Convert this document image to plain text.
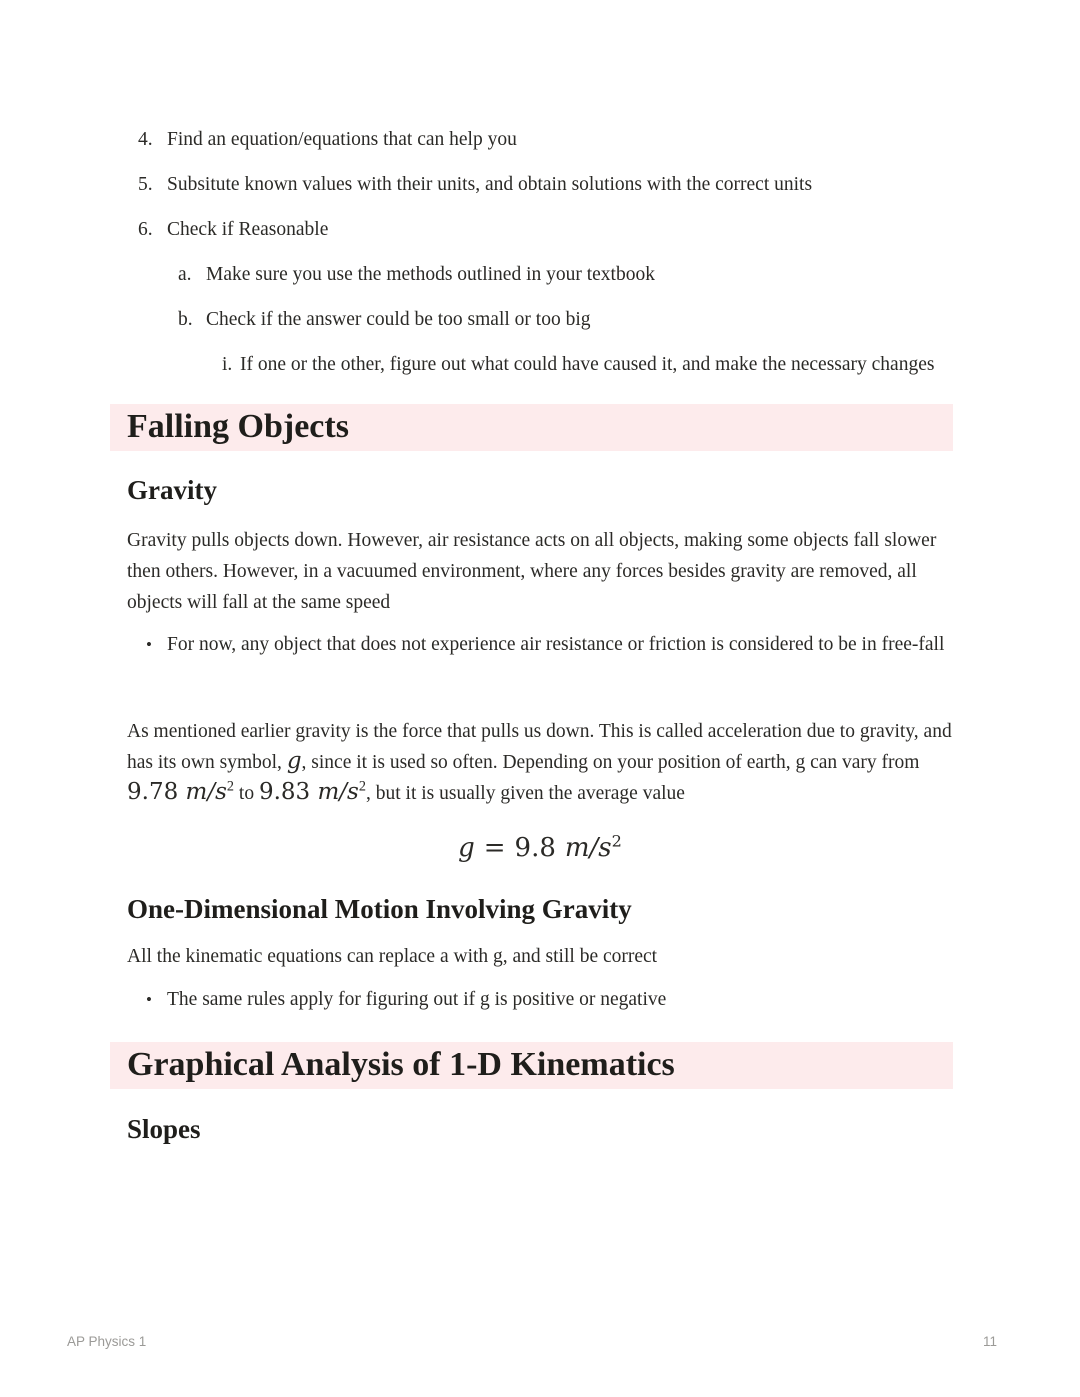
4. Find an equation/equations that can help you
5. Subsitute known values with their units, and obtain solutions with the correct units
6. Check if Reasonable
a. Make sure you use the methods outlined in your textbook
b. Check if the answer could be too small or too big
i. If one or the other, figure out what could have caused it, and make the necessary changes
Falling Objects
Gravity

Gravity pulls objects down. However, air resistance acts on all objects, making some objects fall slower then others. However, in a vacuumed environment, where any forces besides gravity are removed, all objects will fall at the same speed

• For now, any object that does not experience air resistance or friction is considered to be in free-fall

As mentioned earlier gravity is the force that pulls us down. This is called acceleration due to gravity, and has its own symbol, g, since it is used so often. Depending on your position of earth, g can vary from 9.78 $m/s^2$ to 9.83 $m/s^2$, but it is usually given the average value

g = 9.8 $m/s^2$
One-Dimensional Motion Involving Gravity

All the kinematic equations can replace a with g, and still be correct

• The same rules apply for figuring out if g is positive or negative
Graphical Analysis of 1-D Kinematics
Slopes
AP Physics 1	11
